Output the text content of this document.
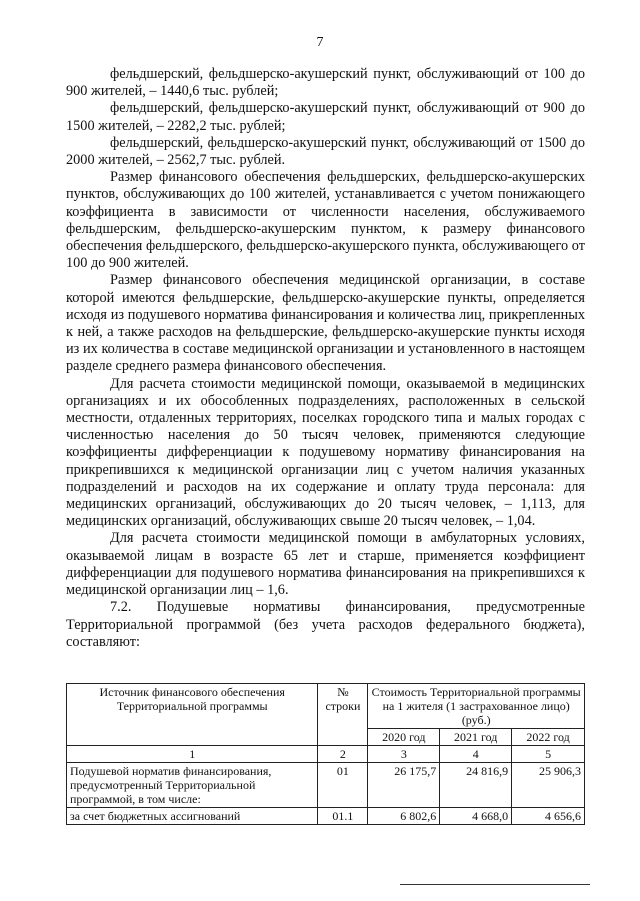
7

фельдшерский, фельдшерско-акушерский пункт, обслуживающий от 100 до 900 жителей, – 1440,6 тыс. рублей;

фельдшерский, фельдшерско-акушерский пункт, обслуживающий от 900 до 1500 жителей, – 2282,2 тыс. рублей;

фельдшерский, фельдшерско-акушерский пункт, обслуживающий от 1500 до 2000 жителей, – 2562,7 тыс. рублей.

Размер финансового обеспечения фельдшерских, фельдшерско-акушерских пунктов, обслуживающих до 100 жителей, устанавливается с учетом понижающего коэффициента в зависимости от численности населения, обслуживаемого фельдшерским, фельдшерско-акушерским пунктом, к размеру финансового обеспечения фельдшерского, фельдшерско-акушерского пункта, обслуживающего от 100 до 900 жителей.

Размер финансового обеспечения медицинской организации, в составе которой имеются фельдшерские, фельдшерско-акушерские пункты, определяется исходя из подушевого норматива финансирования и количества лиц, прикрепленных к ней, а также расходов на фельдшерские, фельдшерско-акушерские пункты исходя из их количества в составе медицинской организации и установленного в настоящем разделе среднего размера финансового обеспечения.

Для расчета стоимости медицинской помощи, оказываемой в медицинских организациях и их обособленных подразделениях, расположенных в сельской местности, отдаленных территориях, поселках городского типа и малых городах с численностью населения до 50 тысяч человек, применяются следующие коэффициенты дифференциации к подушевому нормативу финансирования на прикрепившихся к медицинской организации лиц с учетом наличия указанных подразделений и расходов на их содержание и оплату труда персонала: для медицинских организаций, обслуживающих до 20 тысяч человек, – 1,113, для медицинских организаций, обслуживающих свыше 20 тысяч человек, – 1,04.

Для расчета стоимости медицинской помощи в амбулаторных условиях, оказываемой лицам в возрасте 65 лет и старше, применяется коэффициент дифференциации для подушевого норматива финансирования на прикрепившихся к медицинской организации лиц – 1,6.

7.2. Подушевые нормативы финансирования, предусмотренные Территориальной программой (без учета расходов федерального бюджета), составляют:

Источник финансового обеспечения Территориальной программы	№ строки	Стоимость Территориальной программы на 1 жителя (1 застрахованное лицо) (руб.)		
		2020 год	2021 год	2022 год
1	2	3	4	5
Подушевой норматив финансирования, предусмотренный Территориальной программой, в том числе:	01	26 175,7	24 816,9	25 906,3
за счет бюджетных ассигнований	01.1	6 802,6	4 668,0	4 656,6
